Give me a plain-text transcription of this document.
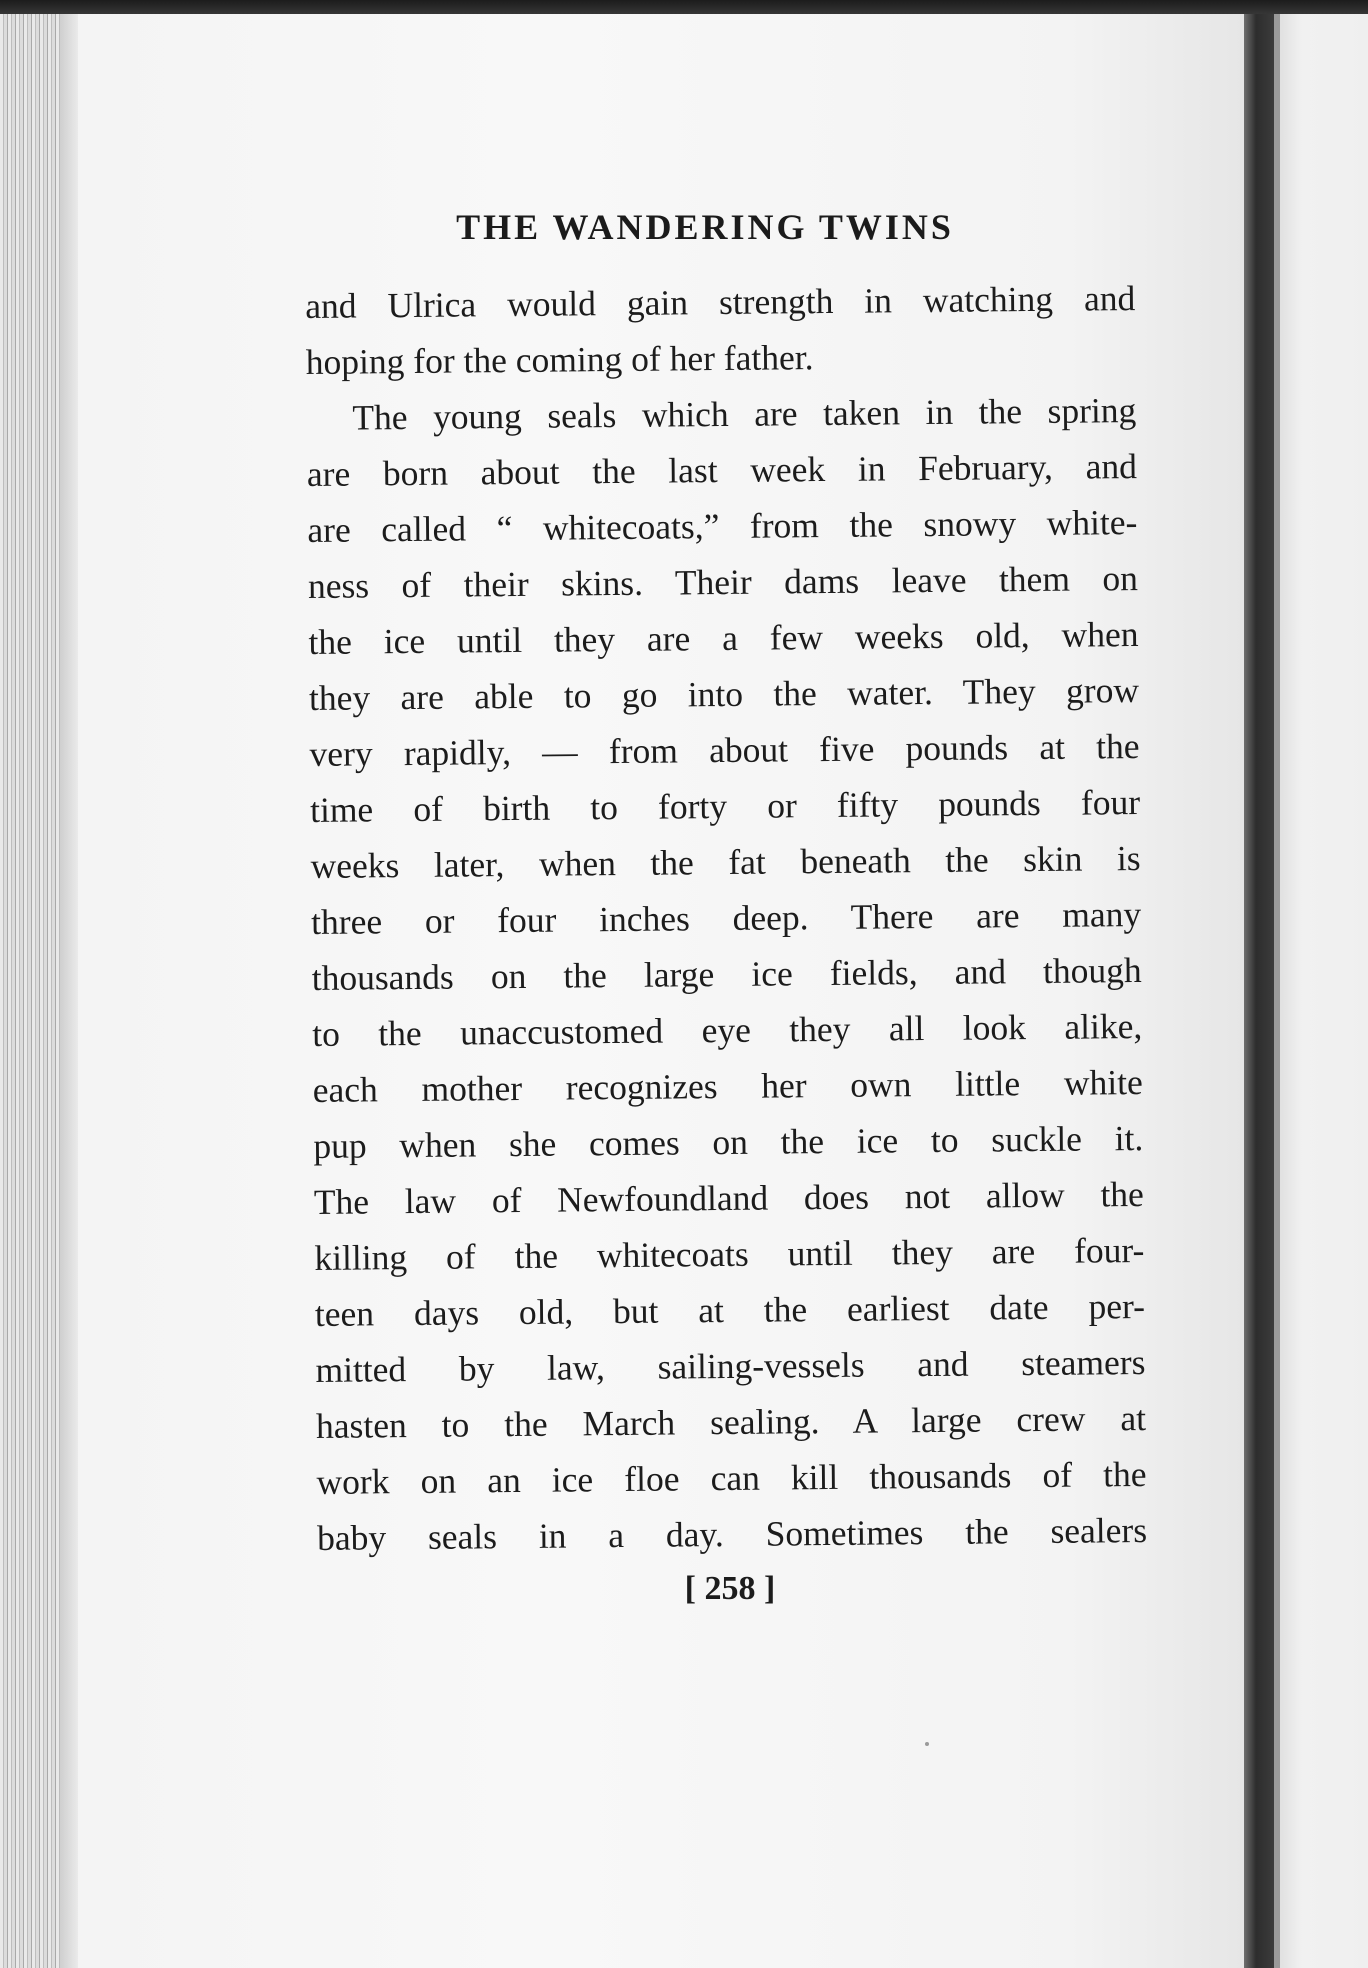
THE WANDERING TWINS
and Ulrica would gain strength in watching and
hoping for the coming of her father.
The young seals which are taken in the spring
are born about the last week in February, and
are called “ whitecoats,” from the snowy white-
ness of their skins. Their dams leave them on
the ice until they are a few weeks old, when
they are able to go into the water. They grow
very rapidly, — from about five pounds at the
time of birth to forty or fifty pounds four
weeks later, when the fat beneath the skin is
three or four inches deep. There are many
thousands on the large ice fields, and though
to the unaccustomed eye they all look alike,
each mother recognizes her own little white
pup when she comes on the ice to suckle it.
The law of Newfoundland does not allow the
killing of the whitecoats until they are four-
teen days old, but at the earliest date per-
mitted by law, sailing-vessels and steamers
hasten to the March sealing. A large crew at
work on an ice floe can kill thousands of the
baby seals in a day. Sometimes the sealers
[ 258 ]
